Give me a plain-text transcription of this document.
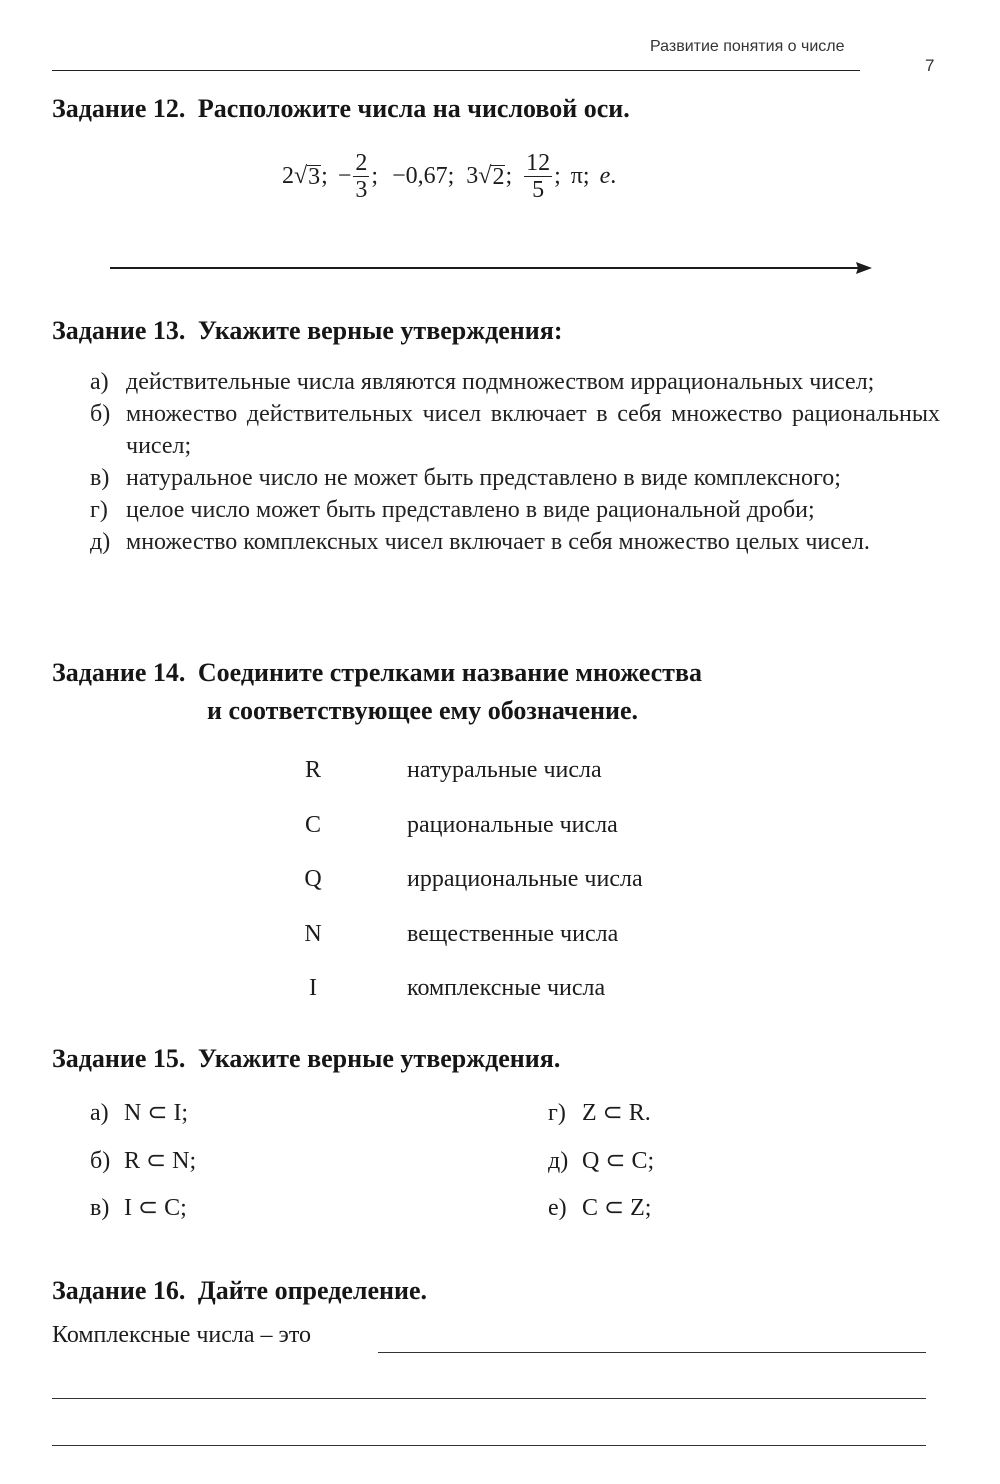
Развитие понятия о числе
7
Задание 12. Расположите числа на числовой оси.
2 √ 3 ; − $\frac{2}{3}$ ; −0,67 ; 3 √ 2 ; $\frac{12}{5}$ ; π ; e .
Задание 13. Укажите верные утверждения:
а) действительные числа являются подмножеством иррациональных чисел;
б) множество действительных чисел включает в себя множество рациональных чисел;
в) натуральное число не может быть представлено в виде комплексного;
г) целое число может быть представлено в виде рациональной дроби;
д) множество комплексных чисел включает в себя множество целых чисел.
Задание 14. Соедините стрелками название множества
и соответствующее ему обозначение.
R
C
Q
N
I
натуральные числа
рациональные числа
иррациональные числа
вещественные числа
комплексные числа
Задание 15. Укажите верные утверждения.
а) N ⊂ I;
б) R ⊂ N;
в) I ⊂ C;
г) Z ⊂ R.
д) Q ⊂ C;
е) C ⊂ Z;
Задание 16. Дайте определение.
Комплексные числа – это
